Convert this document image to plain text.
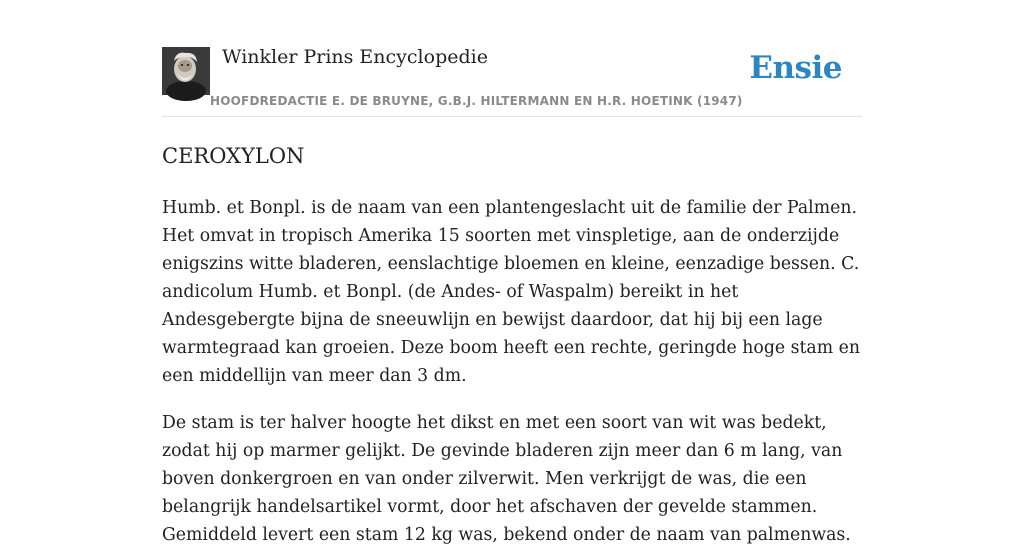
Winkler Prins Encyclopedie
HOOFDREDACTIE E. DE BRUYNE, G.B.J. HILTERMANN EN H.R. HOETINK (1947)
Ensie
CEROXYLON

Humb. et Bonpl. is de naam van een plantengeslacht uit de familie der Palmen. Het omvat in tropisch Amerika 15 soorten met vinspletige, aan de onderzijde enigszins witte bladeren, eenslachtige bloemen en kleine, eenzadige bessen. C. andicolum Humb. et Bonpl. (de Andes- of Waspalm) bereikt in het Andesgebergte bijna de sneeuwlijn en bewijst daardoor, dat hij bij een lage warmtegraad kan groeien. Deze boom heeft een rechte, geringde hoge stam en een middellijn van meer dan 3 dm.

De stam is ter halver hoogte het dikst en met een soort van wit was bedekt, zodat hij op marmer gelijkt. De gevinde bladeren zijn meer dan 6 m lang, van boven donkergroen en van onder zilverwit. Men verkrijgt de was, die een belangrijk handelsartikel vormt, door het afschaven der gevelde stammen. Gemiddeld levert een stam 12 kg was, bekend onder de naam van palmenwas.
